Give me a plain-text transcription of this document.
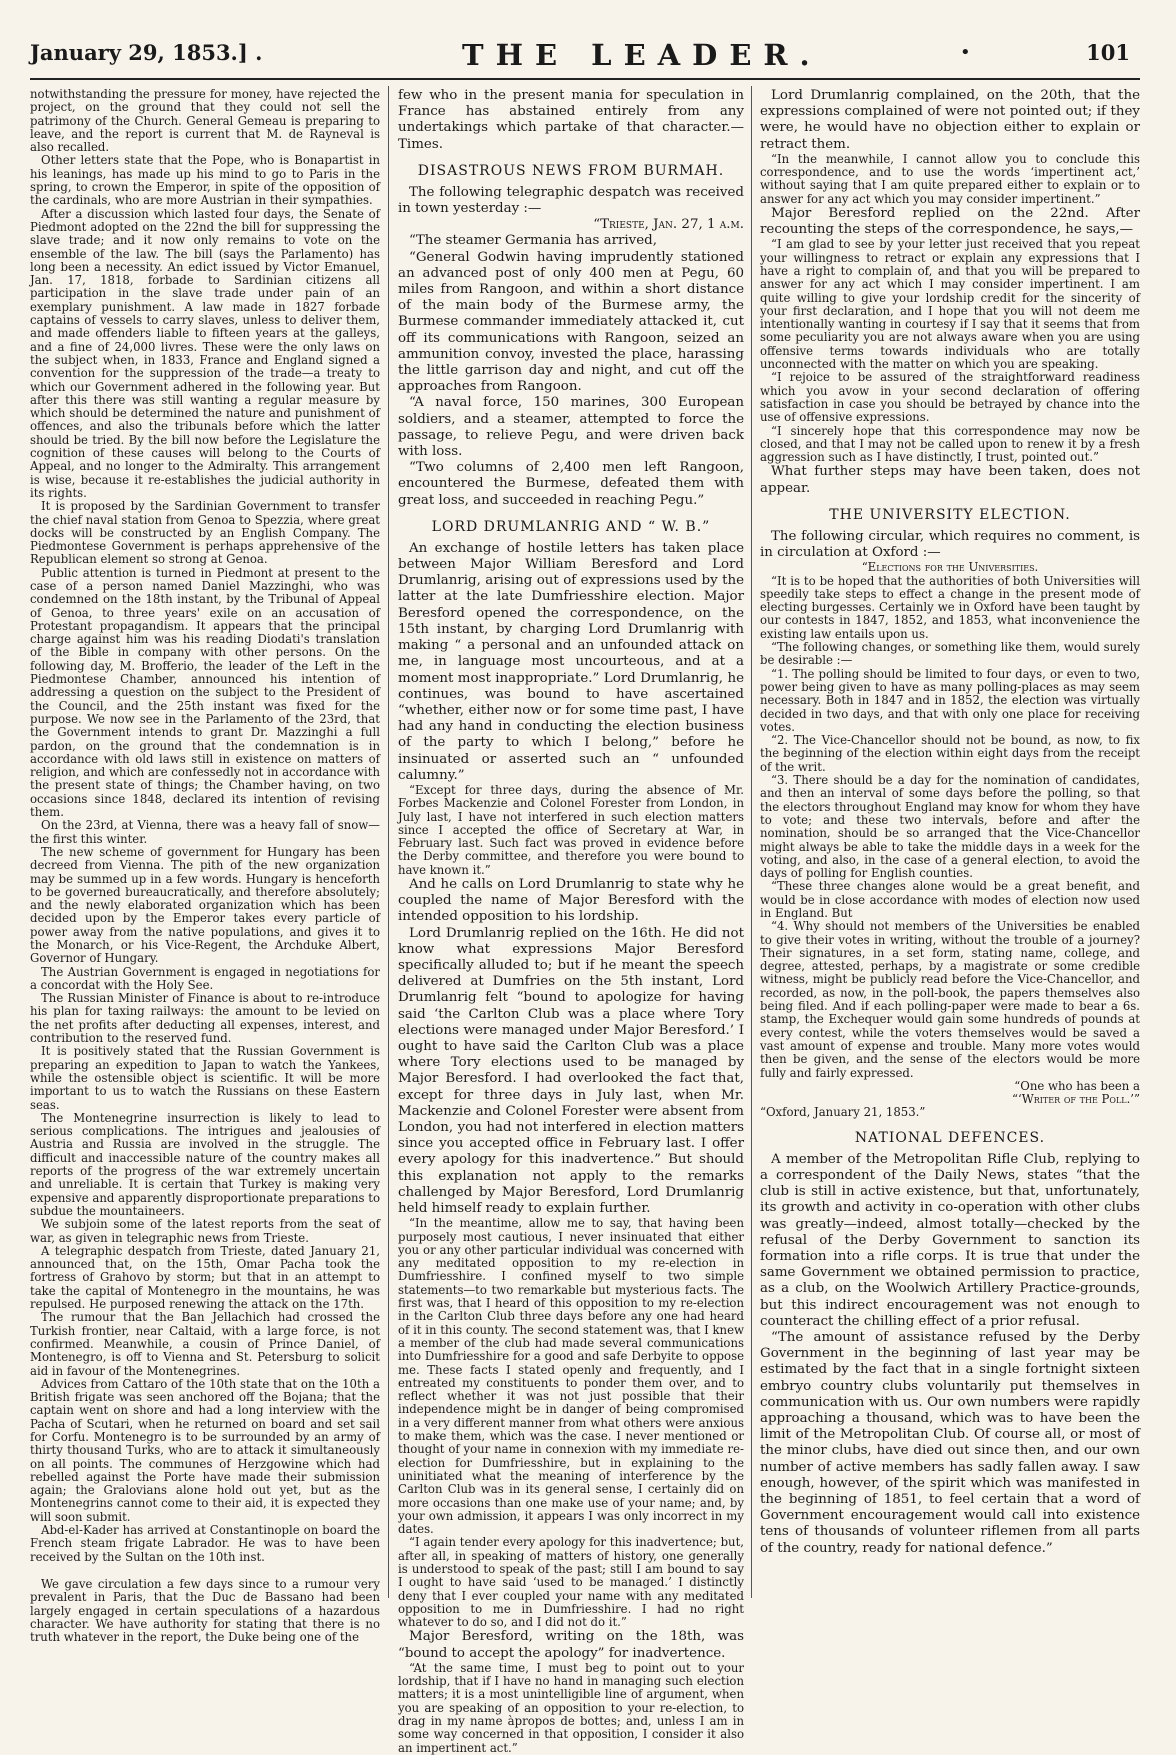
January 29, 1853.] .	THE LEADER.	•	101

notwithstanding the pressure for money, have rejected the project, on the ground that they could not sell the patrimony of the Church. General Gemeau is preparing to leave, and the report is current that M. de Rayneval is also recalled.

Other letters state that the Pope, who is Bonapartist in his leanings, has made up his mind to go to Paris in the spring, to crown the Emperor, in spite of the opposition of the cardinals, who are more Austrian in their sympathies.

After a discussion which lasted four days, the Senate of Piedmont adopted on the 22nd the bill for suppressing the slave trade; and it now only remains to vote on the ensemble of the law. The bill (says the Parlamento) has long been a necessity. An edict issued by Victor Emanuel, Jan. 17, 1818, forbade to Sardinian citizens all participation in the slave trade under pain of an exemplary punishment. A law made in 1827 forbade captains of vessels to carry slaves, unless to deliver them, and made offenders liable to fifteen years at the galleys, and a fine of 24,000 livres. These were the only laws on the subject when, in 1833, France and England signed a convention for the suppression of the trade—a treaty to which our Government adhered in the following year. But after this there was still wanting a regular measure by which should be determined the nature and punishment of offences, and also the tribunals before which the latter should be tried. By the bill now before the Legislature the cognition of these causes will belong to the Courts of Appeal, and no longer to the Admiralty. This arrangement is wise, because it re-establishes the judicial authority in its rights.

It is proposed by the Sardinian Government to transfer the chief naval station from Genoa to Spezzia, where great docks will be constructed by an English Company. The Piedmontese Government is perhaps apprehensive of the Republican element so strong at Genoa.

Public attention is turned in Piedmont at present to the case of a person named Daniel Mazzinghi, who was condemned on the 18th instant, by the Tribunal of Appeal of Genoa, to three years' exile on an accusation of Protestant propagandism. It appears that the principal charge against him was his reading Diodati's translation of the Bible in company with other persons. On the following day, M. Brofferio, the leader of the Left in the Piedmontese Chamber, announced his intention of addressing a question on the subject to the President of the Council, and the 25th instant was fixed for the purpose. We now see in the Parlamento of the 23rd, that the Government intends to grant Dr. Mazzinghi a full pardon, on the ground that the condemnation is in accordance with old laws still in existence on matters of religion, and which are confessedly not in accordance with the present state of things; the Chamber having, on two occasions since 1848, declared its intention of revising them.

On the 23rd, at Vienna, there was a heavy fall of snow—the first this winter.

The new scheme of government for Hungary has been decreed from Vienna. The pith of the new organization may be summed up in a few words. Hungary is henceforth to be governed bureaucratically, and therefore absolutely; and the newly elaborated organization which has been decided upon by the Emperor takes every particle of power away from the native populations, and gives it to the Monarch, or his Vice-Regent, the Archduke Albert, Governor of Hungary.

The Austrian Government is engaged in negotiations for a concordat with the Holy See.

The Russian Minister of Finance is about to re-introduce his plan for taxing railways: the amount to be levied on the net profits after deducting all expenses, interest, and contribution to the reserved fund.

It is positively stated that the Russian Government is preparing an expedition to Japan to watch the Yankees, while the ostensible object is scientific. It will be more important to us to watch the Russians on these Eastern seas.

The Montenegrine insurrection is likely to lead to serious complications. The intrigues and jealousies of Austria and Russia are involved in the struggle. The difficult and inaccessible nature of the country makes all reports of the progress of the war extremely uncertain and unreliable. It is certain that Turkey is making very expensive and apparently disproportionate preparations to subdue the mountaineers.

We subjoin some of the latest reports from the seat of war, as given in telegraphic news from Trieste.

A telegraphic despatch from Trieste, dated January 21, announced that, on the 15th, Omar Pacha took the fortress of Grahovo by storm; but that in an attempt to take the capital of Montenegro in the mountains, he was repulsed. He purposed renewing the attack on the 17th.

The rumour that the Ban Jellachich had crossed the Turkish frontier, near Caltaid, with a large force, is not confirmed. Meanwhile, a cousin of Prince Daniel, of Montenegro, is off to Vienna and St. Petersburg to solicit aid in favour of the Montenegrines.

Advices from Cattaro of the 10th state that on the 10th a British frigate was seen anchored off the Bojana; that the captain went on shore and had a long interview with the Pacha of Scutari, when he returned on board and set sail for Corfu. Montenegro is to be surrounded by an army of thirty thousand Turks, who are to attack it simultaneously on all points. The communes of Herzgowine which had rebelled against the Porte have made their submission again; the Gralovians alone hold out yet, but as the Montenegrins cannot come to their aid, it is expected they will soon submit.

Abd-el-Kader has arrived at Constantinople on board the French steam frigate Labrador. He was to have been received by the Sultan on the 10th inst.

We gave circulation a few days since to a rumour very prevalent in Paris, that the Duc de Bassano had been largely engaged in certain speculations of a hazardous character. We have authority for stating that there is no truth whatever in the report, the Duke being one of the

few who in the present mania for speculation in France has abstained entirely from any undertakings which partake of that character.—Times.

DISASTROUS NEWS FROM BURMAH.

The following telegraphic despatch was received in town yesterday :—

“Trieste, Jan. 27, 1 a.m.

“The steamer Germania has arrived,

“General Godwin having imprudently stationed an advanced post of only 400 men at Pegu, 60 miles from Rangoon, and within a short distance of the main body of the Burmese army, the Burmese commander immediately attacked it, cut off its communications with Rangoon, seized an ammunition convoy, invested the place, harassing the little garrison day and night, and cut off the approaches from Rangoon.

“A naval force, 150 marines, 300 European soldiers, and a steamer, attempted to force the passage, to relieve Pegu, and were driven back with loss.

“Two columns of 2,400 men left Rangoon, encountered the Burmese, defeated them with great loss, and succeeded in reaching Pegu.”

LORD DRUMLANRIG AND “ W. B.”

An exchange of hostile letters has taken place between Major William Beresford and Lord Drumlanrig, arising out of expressions used by the latter at the late Dumfriesshire election. Major Beresford opened the correspondence, on the 15th instant, by charging Lord Drumlanrig with making “ a personal and an unfounded attack on me, in language most uncourteous, and at a moment most inappropriate.” Lord Drumlanrig, he continues, was bound to have ascertained “whether, either now or for some time past, I have had any hand in conducting the election business of the party to which I belong,” before he insinuated or asserted such an “ unfounded calumny.”

“Except for three days, during the absence of Mr. Forbes Mackenzie and Colonel Forester from London, in July last, I have not interfered in such election matters since I accepted the office of Secretary at War, in February last. Such fact was proved in evidence before the Derby committee, and therefore you were bound to have known it.”

And he calls on Lord Drumlanrig to state why he coupled the name of Major Beresford with the intended opposition to his lordship.

Lord Drumlanrig replied on the 16th. He did not know what expressions Major Beresford specifically alluded to; but if he meant the speech delivered at Dumfries on the 5th instant, Lord Drumlanrig felt “bound to apologize for having said ‘the Carlton Club was a place where Tory elections were managed under Major Beresford.’ I ought to have said the Carlton Club was a place where Tory elections used to be managed by Major Beresford. I had overlooked the fact that, except for three days in July last, when Mr. Mackenzie and Colonel Forester were absent from London, you had not interfered in election matters since you accepted office in February last. I offer every apology for this inadvertence.” But should this explanation not apply to the remarks challenged by Major Beresford, Lord Drumlanrig held himself ready to explain further.

“In the meantime, allow me to say, that having been purposely most cautious, I never insinuated that either you or any other particular individual was concerned with any meditated opposition to my re-election in Dumfriesshire. I confined myself to two simple statements—to two remarkable but mysterious facts. The first was, that I heard of this opposition to my re-election in the Carlton Club three days before any one had heard of it in this county. The second statement was, that I knew a member of the club had made several communications into Dumfriesshire for a good and safe Derbyite to oppose me. These facts I stated openly and frequently, and I entreated my constituents to ponder them over, and to reflect whether it was not just possible that their independence might be in danger of being compromised in a very different manner from what others were anxious to make them, which was the case. I never mentioned or thought of your name in connexion with my immediate re-election for Dumfriesshire, but in explaining to the uninitiated what the meaning of interference by the Carlton Club was in its general sense, I certainly did on more occasions than one make use of your name; and, by your own admission, it appears I was only incorrect in my dates.

“I again tender every apology for this inadvertence; but, after all, in speaking of matters of history, one generally is understood to speak of the past; still I am bound to say I ought to have said ‘used to be managed.’ I distinctly deny that I ever coupled your name with any meditated opposition to me in Dumfriesshire. I had no right whatever to do so, and I did not do it.”

Major Beresford, writing on the 18th, was “bound to accept the apology” for inadvertence.

“At the same time, I must beg to point out to your lordship, that if I have no hand in managing such election matters; it is a most unintelligible line of argument, when you are speaking of an opposition to your re-election, to drag in my name àpropos de bottes; and, unless I am in some way concerned in that opposition, I consider it also an impertinent act.”

Lord Drumlanrig complained, on the 20th, that the expressions complained of were not pointed out; if they were, he would have no objection either to explain or retract them.

“In the meanwhile, I cannot allow you to conclude this correspondence, and to use the words ‘impertinent act,’ without saying that I am quite prepared either to explain or to answer for any act which you may consider impertinent.”

Major Beresford replied on the 22nd. After recounting the steps of the correspondence, he says,—

“I am glad to see by your letter just received that you repeat your willingness to retract or explain any expressions that I have a right to complain of, and that you will be prepared to answer for any act which I may consider impertinent. I am quite willing to give your lordship credit for the sincerity of your first declaration, and I hope that you will not deem me intentionally wanting in courtesy if I say that it seems that from some peculiarity you are not always aware when you are using offensive terms towards individuals who are totally unconnected with the matter on which you are speaking.

“I rejoice to be assured of the straightforward readiness which you avow in your second declaration of offering satisfaction in case you should be betrayed by chance into the use of offensive expressions.

“I sincerely hope that this correspondence may now be closed, and that I may not be called upon to renew it by a fresh aggression such as I have distinctly, I trust, pointed out.”

What further steps may have been taken, does not appear.

THE UNIVERSITY ELECTION.

The following circular, which requires no comment, is in circulation at Oxford :—

“Elections for the Universities.

“It is to be hoped that the authorities of both Universities will speedily take steps to effect a change in the present mode of electing burgesses. Certainly we in Oxford have been taught by our contests in 1847, 1852, and 1853, what inconvenience the existing law entails upon us.

“The following changes, or something like them, would surely be desirable :—

“1. The polling should be limited to four days, or even to two, power being given to have as many polling-places as may seem necessary. Both in 1847 and in 1852, the election was virtually decided in two days, and that with only one place for receiving votes.

“2. The Vice-Chancellor should not be bound, as now, to fix the beginning of the election within eight days from the receipt of the writ.

“3. There should be a day for the nomination of candidates, and then an interval of some days before the polling, so that the electors throughout England may know for whom they have to vote; and these two intervals, before and after the nomination, should be so arranged that the Vice-Chancellor might always be able to take the middle days in a week for the voting, and also, in the case of a general election, to avoid the days of polling for English counties.

“These three changes alone would be a great benefit, and would be in close accordance with modes of election now used in England. But

“4. Why should not members of the Universities be enabled to give their votes in writing, without the trouble of a journey? Their signatures, in a set form, stating name, college, and degree, attested, perhaps, by a magistrate or some credible witness, might be publicly read before the Vice-Chancellor, and recorded, as now, in the poll-book, the papers themselves also being filed. And if each polling-paper were made to bear a 6s. stamp, the Exchequer would gain some hundreds of pounds at every contest, while the voters themselves would be saved a vast amount of expense and trouble. Many more votes would then be given, and the sense of the electors would be more fully and fairly expressed.

“One who has been a

“‘Writer of the Poll.’”

“Oxford, January 21, 1853.”

NATIONAL DEFENCES.

A member of the Metropolitan Rifle Club, replying to a correspondent of the Daily News, states “that the club is still in active existence, but that, unfortunately, its growth and activity in co-operation with other clubs was greatly—indeed, almost totally—checked by the refusal of the Derby Government to sanction its formation into a rifle corps. It is true that under the same Government we obtained permission to practice, as a club, on the Woolwich Artillery Practice-grounds, but this indirect encouragement was not enough to counteract the chilling effect of a prior refusal.

“The amount of assistance refused by the Derby Government in the beginning of last year may be estimated by the fact that in a single fortnight sixteen embryo country clubs voluntarily put themselves in communication with us. Our own numbers were rapidly approaching a thousand, which was to have been the limit of the Metropolitan Club. Of course all, or most of the minor clubs, have died out since then, and our own number of active members has sadly fallen away. I saw enough, however, of the spirit which was manifested in the beginning of 1851, to feel certain that a word of Government encouragement would call into existence tens of thousands of volunteer riflemen from all parts of the country, ready for national defence.”
